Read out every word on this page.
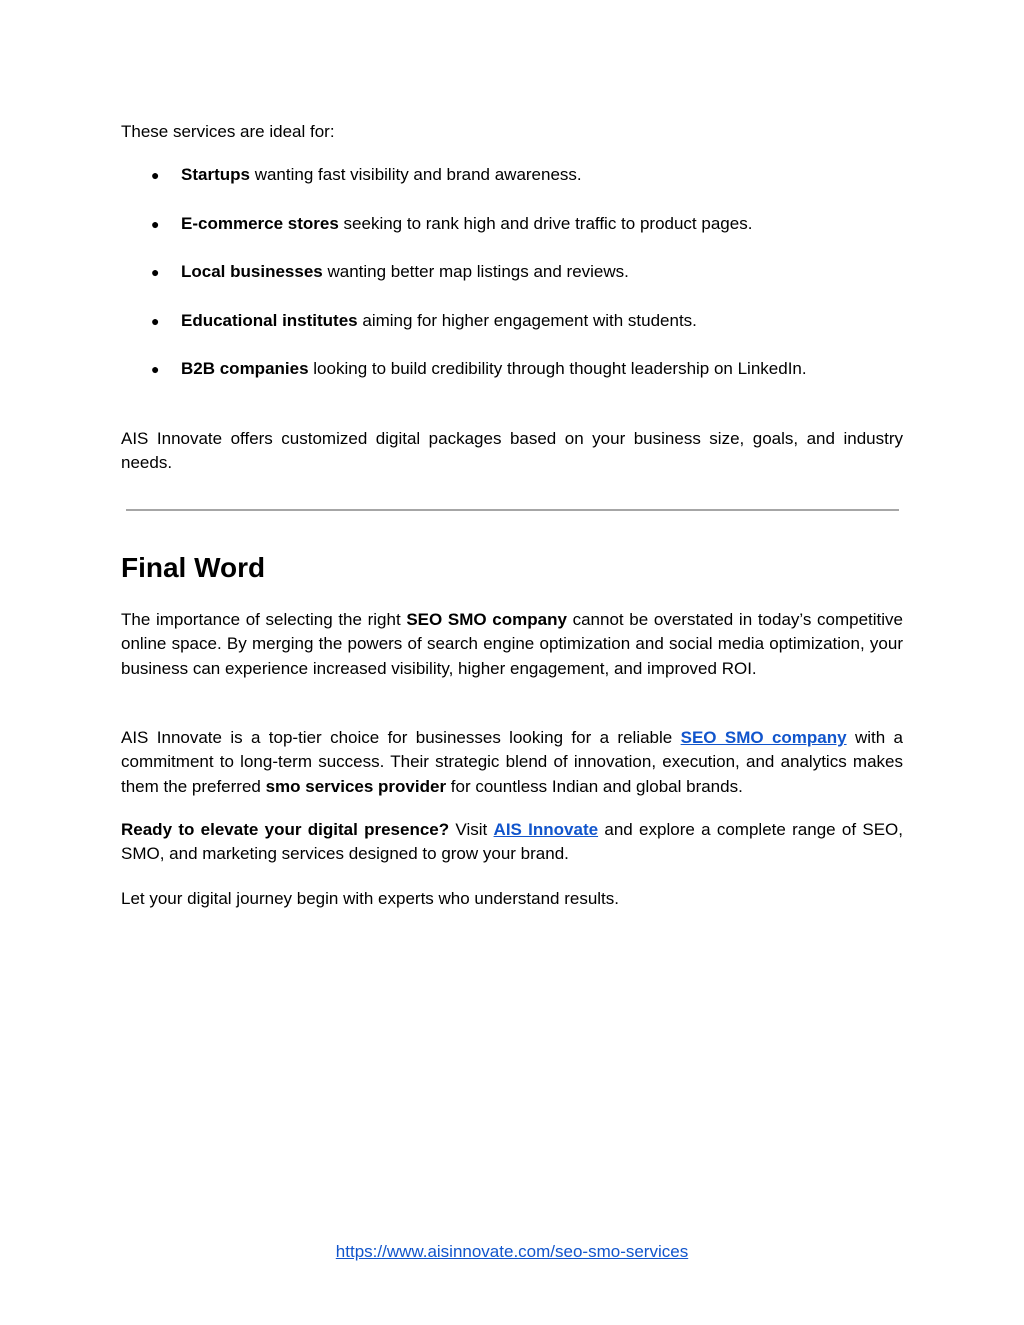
These services are ideal for:

● Startups wanting fast visibility and brand awareness.
● E-commerce stores seeking to rank high and drive traffic to product pages.
● Local businesses wanting better map listings and reviews.
● Educational institutes aiming for higher engagement with students.
● B2B companies looking to build credibility through thought leadership on LinkedIn.

AIS Innovate offers customized digital packages based on your business size, goals, and industry needs.

Final Word

The importance of selecting the right SEO SMO company cannot be overstated in today’s competitive online space. By merging the powers of search engine optimization and social media optimization, your business can experience increased visibility, higher engagement, and improved ROI.

AIS Innovate is a top-tier choice for businesses looking for a reliable SEO SMO company with a commitment to long-term success. Their strategic blend of innovation, execution, and analytics makes them the preferred smo services provider for countless Indian and global brands.

Ready to elevate your digital presence? Visit AIS Innovate and explore a complete range of SEO, SMO, and marketing services designed to grow your brand.

Let your digital journey begin with experts who understand results.

https://www.aisinnovate.com/seo-smo-services
